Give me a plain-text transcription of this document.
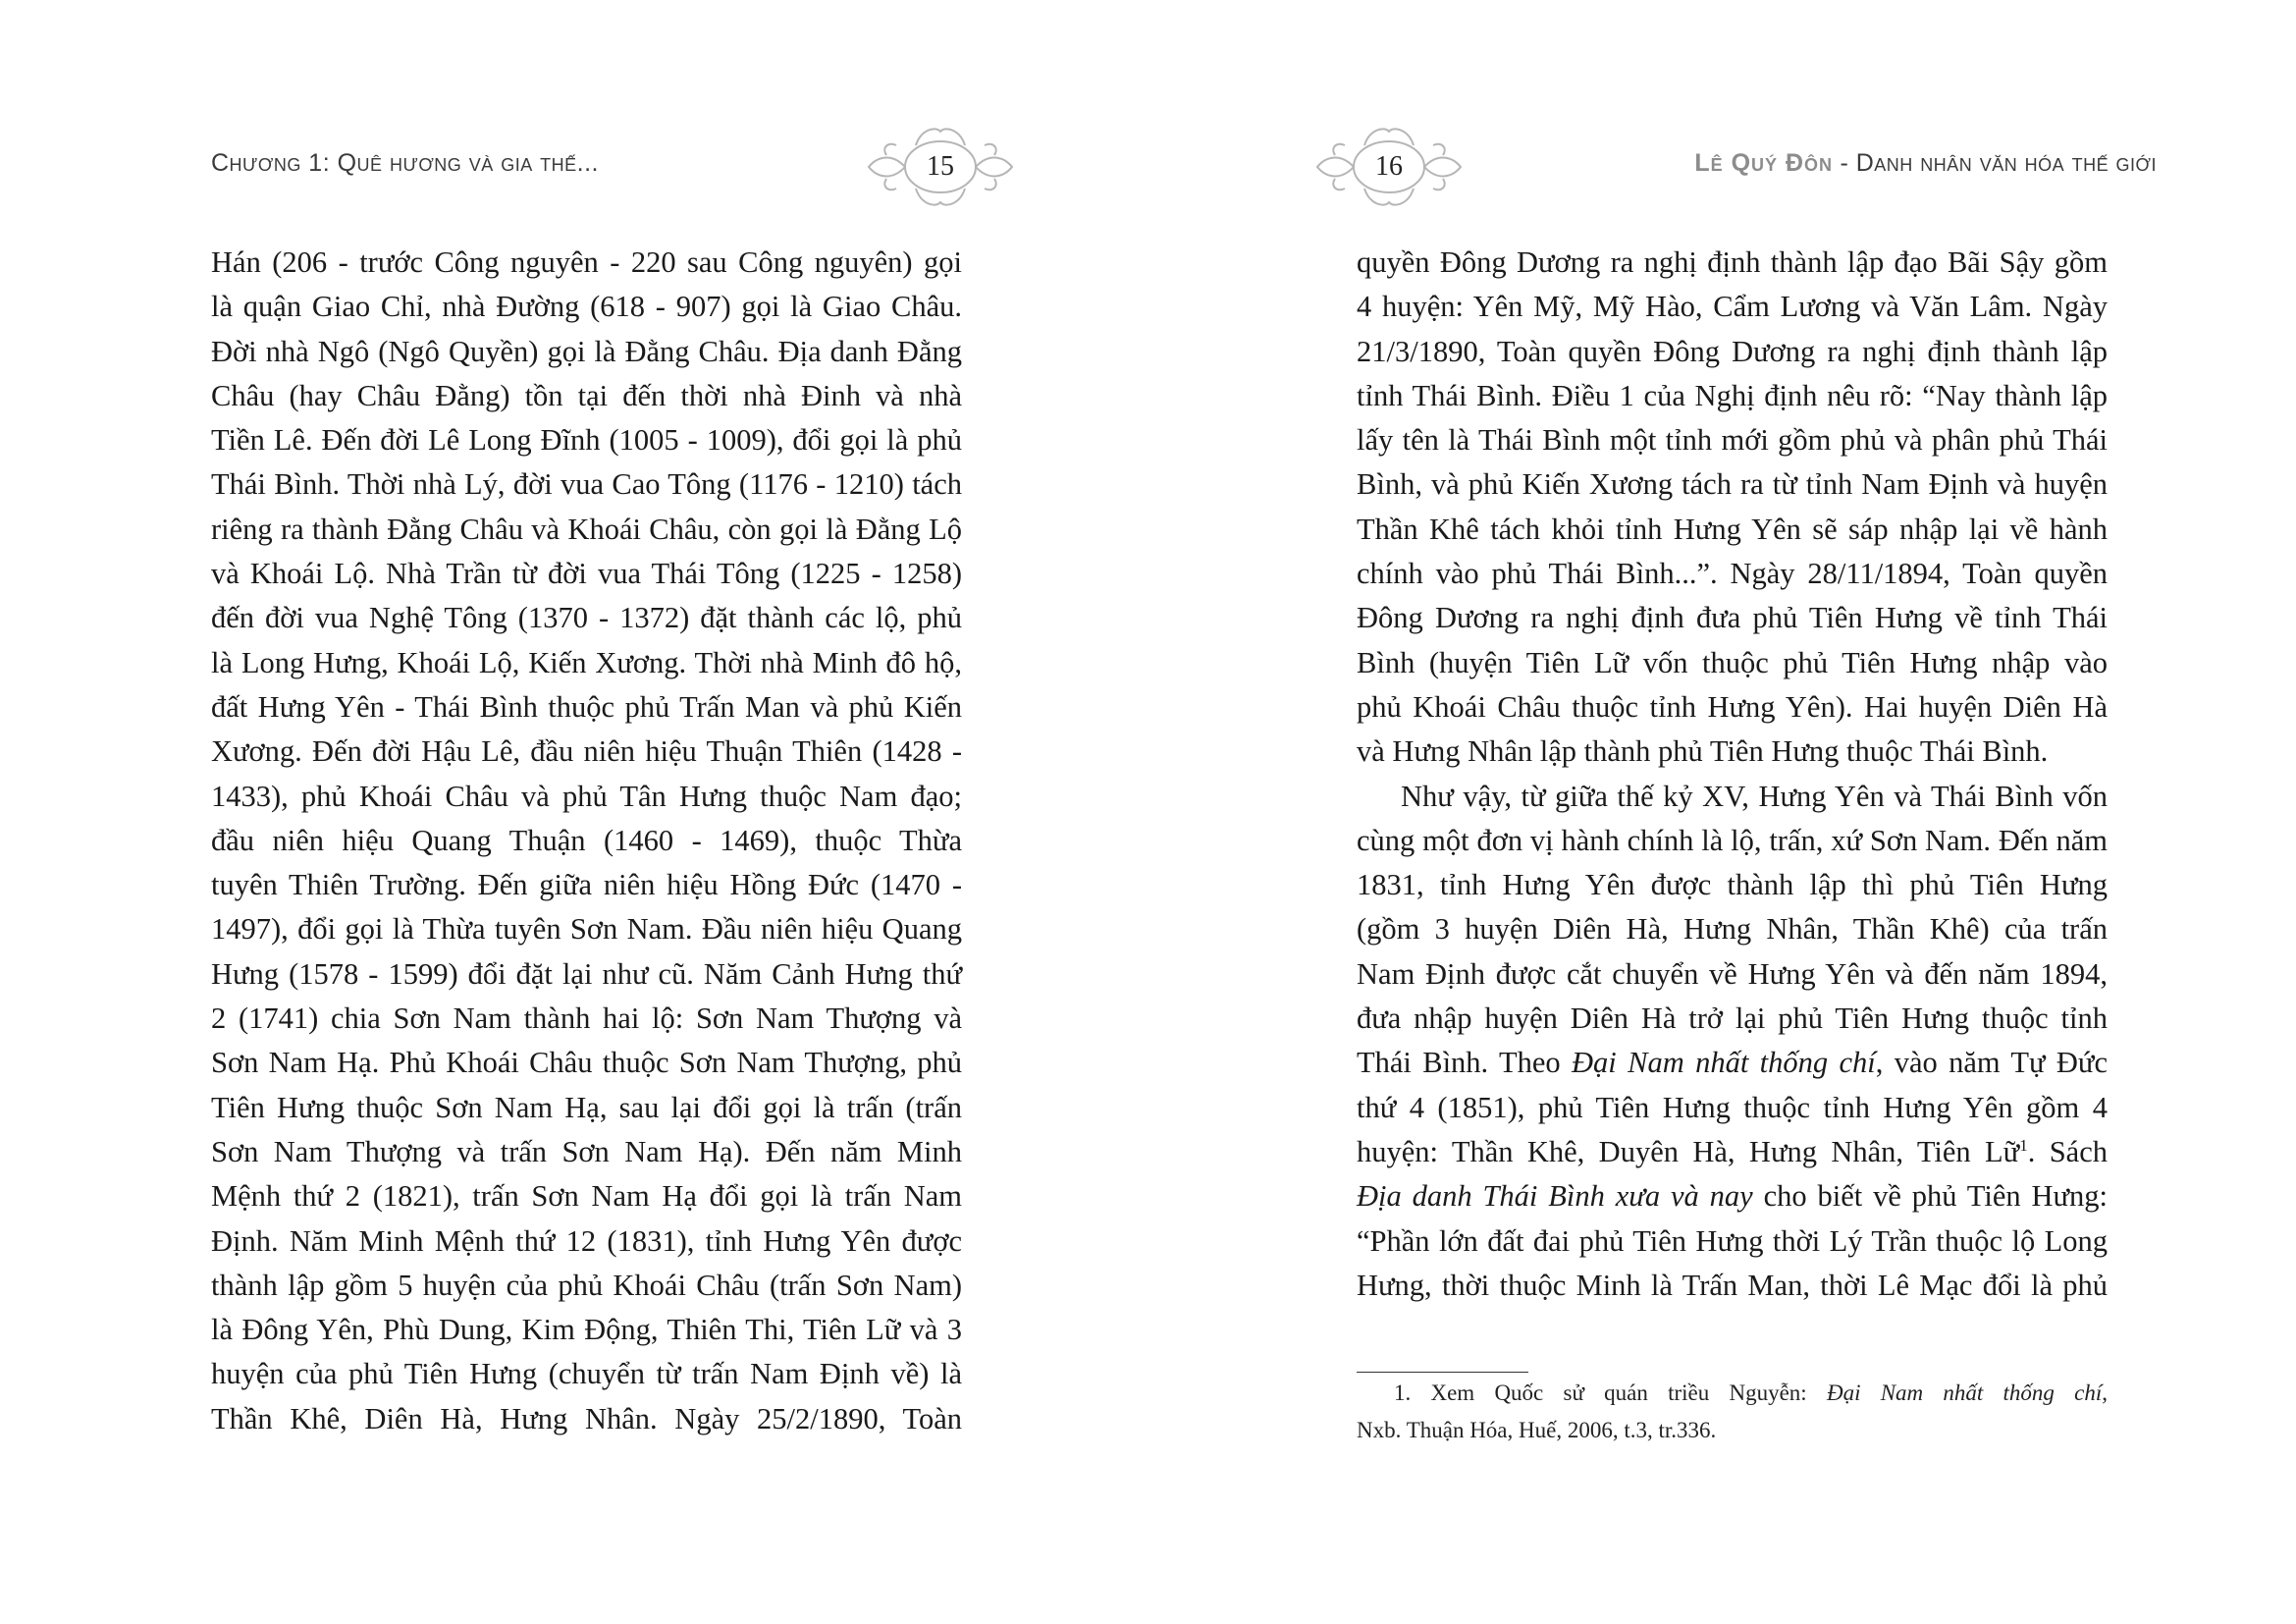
Chương 1: Quê hương và gia thế...	15

Hán (206 - trước Công nguyên - 220 sau Công nguyên) gọi
là quận Giao Chỉ, nhà Đường (618 - 907) gọi là Giao Châu.
Đời nhà Ngô (Ngô Quyền) gọi là Đằng Châu. Địa danh Đằng
Châu (hay Châu Đằng) tồn tại đến thời nhà Đinh và nhà
Tiền Lê. Đến đời Lê Long Đĩnh (1005 - 1009), đổi gọi là phủ
Thái Bình. Thời nhà Lý, đời vua Cao Tông (1176 - 1210) tách
riêng ra thành Đằng Châu và Khoái Châu, còn gọi là Đằng Lộ
và Khoái Lộ. Nhà Trần từ đời vua Thái Tông (1225 - 1258)
đến đời vua Nghệ Tông (1370 - 1372) đặt thành các lộ, phủ
là Long Hưng, Khoái Lộ, Kiến Xương. Thời nhà Minh đô hộ,
đất Hưng Yên - Thái Bình thuộc phủ Trấn Man và phủ Kiến
Xương. Đến đời Hậu Lê, đầu niên hiệu Thuận Thiên (1428 -
1433), phủ Khoái Châu và phủ Tân Hưng thuộc Nam đạo;
đầu niên hiệu Quang Thuận (1460 - 1469), thuộc Thừa
tuyên Thiên Trường. Đến giữa niên hiệu Hồng Đức (1470 -
1497), đổi gọi là Thừa tuyên Sơn Nam. Đầu niên hiệu Quang
Hưng (1578 - 1599) đổi đặt lại như cũ. Năm Cảnh Hưng thứ
2 (1741) chia Sơn Nam thành hai lộ: Sơn Nam Thượng và
Sơn Nam Hạ. Phủ Khoái Châu thuộc Sơn Nam Thượng, phủ
Tiên Hưng thuộc Sơn Nam Hạ, sau lại đổi gọi là trấn (trấn
Sơn Nam Thượng và trấn Sơn Nam Hạ). Đến năm Minh
Mệnh thứ 2 (1821), trấn Sơn Nam Hạ đổi gọi là trấn Nam
Định. Năm Minh Mệnh thứ 12 (1831), tỉnh Hưng Yên được
thành lập gồm 5 huyện của phủ Khoái Châu (trấn Sơn Nam)
là Đông Yên, Phù Dung, Kim Động, Thiên Thi, Tiên Lữ và 3
huyện của phủ Tiên Hưng (chuyển từ trấn Nam Định về) là
Thần Khê, Diên Hà, Hưng Nhân. Ngày 25/2/1890, Toàn

16	Lê Quý Đôn - Danh nhân văn hóa thế giới

quyền Đông Dương ra nghị định thành lập đạo Bãi Sậy gồm
4 huyện: Yên Mỹ, Mỹ Hào, Cẩm Lương và Văn Lâm. Ngày
21/3/1890, Toàn quyền Đông Dương ra nghị định thành lập
tỉnh Thái Bình. Điều 1 của Nghị định nêu rõ: “Nay thành lập
lấy tên là Thái Bình một tỉnh mới gồm phủ và phân phủ Thái
Bình, và phủ Kiến Xương tách ra từ tỉnh Nam Định và huyện
Thần Khê tách khỏi tỉnh Hưng Yên sẽ sáp nhập lại về hành
chính vào phủ Thái Bình...”. Ngày 28/11/1894, Toàn quyền
Đông Dương ra nghị định đưa phủ Tiên Hưng về tỉnh Thái
Bình (huyện Tiên Lữ vốn thuộc phủ Tiên Hưng nhập vào
phủ Khoái Châu thuộc tỉnh Hưng Yên). Hai huyện Diên Hà
và Hưng Nhân lập thành phủ Tiên Hưng thuộc Thái Bình.

Như vậy, từ giữa thế kỷ XV, Hưng Yên và Thái Bình vốn
cùng một đơn vị hành chính là lộ, trấn, xứ Sơn Nam. Đến năm
1831, tỉnh Hưng Yên được thành lập thì phủ Tiên Hưng
(gồm 3 huyện Diên Hà, Hưng Nhân, Thần Khê) của trấn
Nam Định được cắt chuyển về Hưng Yên và đến năm 1894,
đưa nhập huyện Diên Hà trở lại phủ Tiên Hưng thuộc tỉnh
Thái Bình. Theo Đại Nam nhất thống chí, vào năm Tự Đức
thứ 4 (1851), phủ Tiên Hưng thuộc tỉnh Hưng Yên gồm 4
huyện: Thần Khê, Duyên Hà, Hưng Nhân, Tiên Lữ$^1$. Sách
Địa danh Thái Bình xưa và nay cho biết về phủ Tiên Hưng:
“Phần lớn đất đai phủ Tiên Hưng thời Lý Trần thuộc lộ Long
Hưng, thời thuộc Minh là Trấn Man, thời Lê Mạc đổi là phủ

1. Xem Quốc sử quán triều Nguyễn: Đại Nam nhất thống chí,
Nxb. Thuận Hóa, Huế, 2006, t.3, tr.336.
